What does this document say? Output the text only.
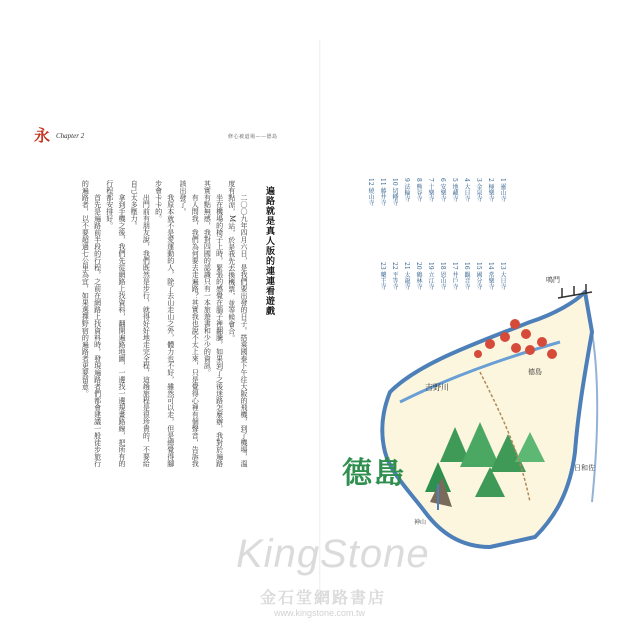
永 Chapter 2	修心被道場——德島
遍路就是真人版的連連看遊戲

二〇〇九年四月六日，是我們要出發的日子。搭乘國泰下午往大阪的飛機，到了機場，溫度有點涼，M站，於是我先去換機票，並等候會合。

坐在機場的椅子上時，緊張的感覺在腦子裡翻騰，如果到了之後迷路怎麼辦，我對於遍路其實有點無感，我對四國的認識只有一本旅遊書和少少的資訊。

有人問我，我們為何要去走遍路？其實我也說不太上來，只是覺得心裡有個聲音，告訴我該出發了。

我原本就不是愛運動的人，除了去山走山之外，體力也不好，雖然可以走，但是總覺得腳步會卡卡的。

出門前有朋友說，我們既然是步行，就得好好地走完全程，這趟旅程是很珍貴的，不要給自己太多壓力。

拿到手機之後，我們先從網路上找資料，翻開遍路地圖，一邊找一邊規畫路線，把所有的行程都安排好。

首先是遍路前半段的行程，之前在網路上找資料時，發現遍路者們都會建議一般徒步旅行的遍路者，以不要超過七公里為宜，如果選擇野宿的遍路者更要留意。

1 靈山寺
2 極樂寺
3 金泉寺
4 大日寺
5 地藏寺
6 安樂寺
7 十樂寺
8 熊谷寺
9 法輪寺
10 切幡寺
11 藤井寺
12 燒山寺
13 大日寺
14 常樂寺
15 國分寺
16 觀音寺
17 井戶寺
18 恩山寺
19 立江寺
20 鶴林寺
21 太龍寺
22 平等寺
23 藥王寺	鳴門
德島
吉野川
日和佐
神山
德島
KingStone
金石堂網路書店
www.kingstone.com.tw
